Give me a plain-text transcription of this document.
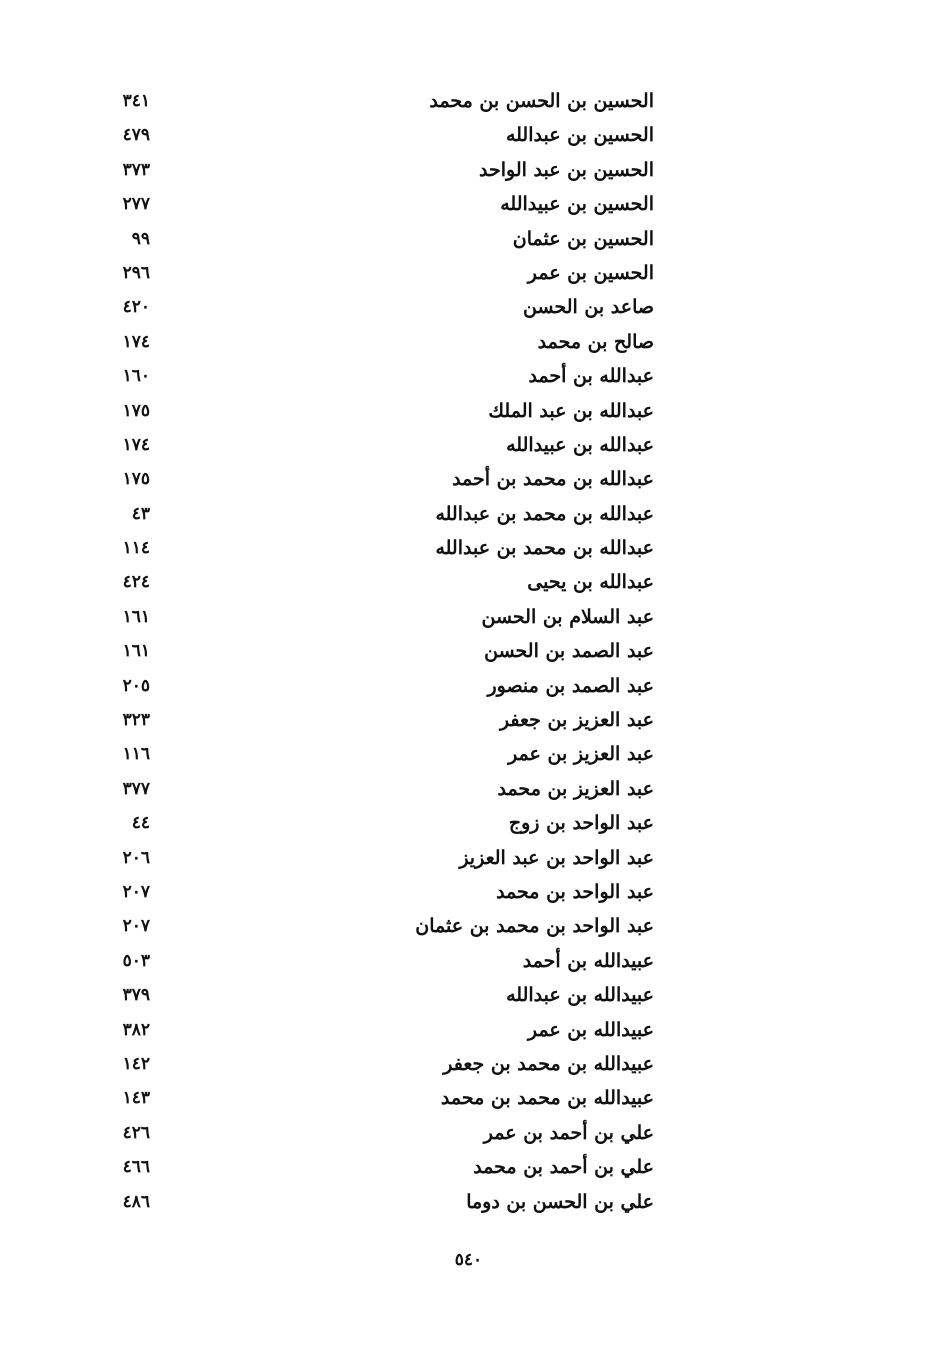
الحسين بن الحسن بن محمد
٣٤١
الحسين بن عبدالله
٤٧٩
الحسين بن عبد الواحد
٣٧٣
الحسين بن عبيدالله
٢٧٧
الحسين بن عثمان
٩٩
الحسين بن عمر
٢٩٦
صاعد بن الحسن
٤٢٠
صالح بن محمد
١٧٤
عبدالله بن أحمد
١٦٠
عبدالله بن عبد الملك
١٧٥
عبدالله بن عبيدالله
١٧٤
عبدالله بن محمد بن أحمد
١٧٥
عبدالله بن محمد بن عبدالله
٤٣
عبدالله بن محمد بن عبدالله
١١٤
عبدالله بن يحيى
٤٢٤
عبد السلام بن الحسن
١٦١
عبد الصمد بن الحسن
١٦١
عبد الصمد بن منصور
٢٠٥
عبد العزيز بن جعفر
٣٢٣
عبد العزيز بن عمر
١١٦
عبد العزيز بن محمد
٣٧٧
عبد الواحد بن زوج
٤٤
عبد الواحد بن عبد العزيز
٢٠٦
عبد الواحد بن محمد
٢٠٧
عبد الواحد بن محمد بن عثمان
٢٠٧
عبيدالله بن أحمد
٥٠٣
عبيدالله بن عبدالله
٣٧٩
عبيدالله بن عمر
٣٨٢
عبيدالله بن محمد بن جعفر
١٤٢
عبيدالله بن محمد بن محمد
١٤٣
علي بن أحمد بن عمر
٤٢٦
علي بن أحمد بن محمد
٤٦٦
علي بن الحسن بن دوما
٤٨٦
٥٤٠
